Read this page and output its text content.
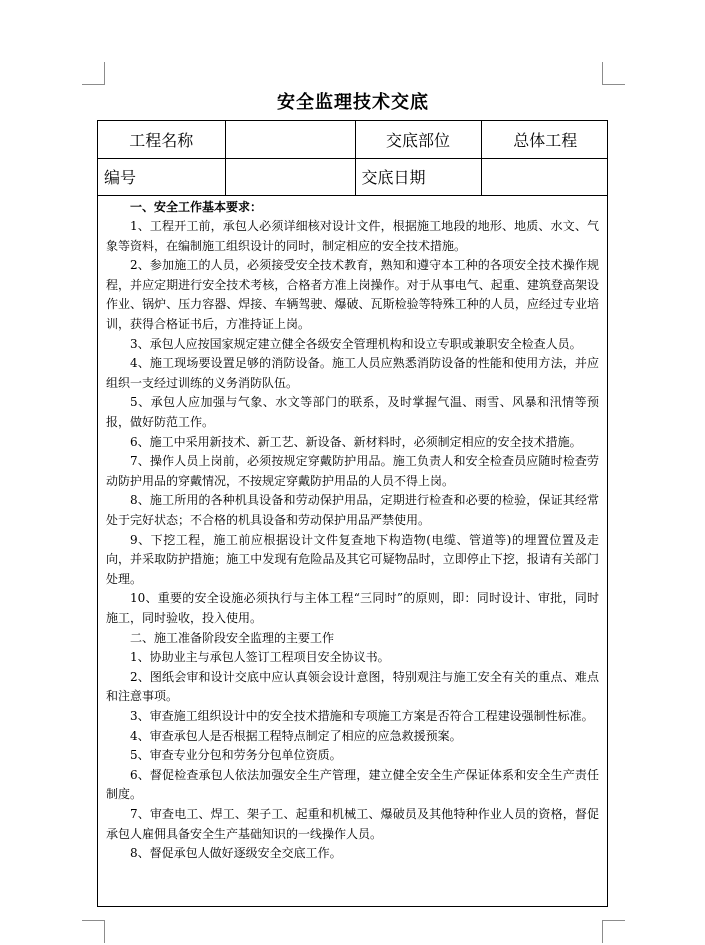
安全监理技术交底
工程名称		交底部位	总体工程
编号		交底日期	

一、安全工作基本要求：

1、工程开工前，承包人必须详细核对设计文件，根据施工地段的地形、地质、水文、气象等资料，在编制施工组织设计的同时，制定相应的安全技术措施。

2、参加施工的人员，必须接受安全技术教育，熟知和遵守本工种的各项安全技术操作规程，并应定期进行安全技术考核，合格者方准上岗操作。对于从事电气、起重、建筑登高架设作业、锅炉、压力容器、焊接、车辆驾驶、爆破、瓦斯检验等特殊工种的人员，应经过专业培训，获得合格证书后，方准持证上岗。

3、承包人应按国家规定建立健全各级安全管理机构和设立专职或兼职安全检查人员。

4、施工现场要设置足够的消防设备。施工人员应熟悉消防设备的性能和使用方法，并应组织一支经过训练的义务消防队伍。

5、承包人应加强与气象、水文等部门的联系，及时掌握气温、雨雪、风暴和汛情等预报，做好防范工作。

6、施工中采用新技术、新工艺、新设备、新材料时，必须制定相应的安全技术措施。

7、操作人员上岗前，必须按规定穿戴防护用品。施工负责人和安全检查员应随时检查劳动防护用品的穿戴情况，不按规定穿戴防护用品的人员不得上岗。

8、施工所用的各种机具设备和劳动保护用品，定期进行检查和必要的检验，保证其经常处于完好状态；不合格的机具设备和劳动保护用品严禁使用。

9、下挖工程，施工前应根据设计文件复查地下构造物(电缆、管道等)的埋置位置及走向，并采取防护措施；施工中发现有危险品及其它可疑物品时，立即停止下挖，报请有关部门处理。

10、重要的安全设施必须执行与主体工程“三同时”的原则，即：同时设计、审批，同时施工，同时验收，投入使用。

二、施工准备阶段安全监理的主要工作

1、协助业主与承包人签订工程项目安全协议书。

2、图纸会审和设计交底中应认真领会设计意图，特别观注与施工安全有关的重点、难点和注意事项。

3、审查施工组织设计中的安全技术措施和专项施工方案是否符合工程建设强制性标准。

4、审查承包人是否根据工程特点制定了相应的应急救援预案。

5、审查专业分包和劳务分包单位资质。

6、督促检查承包人依法加强安全生产管理，建立健全安全生产保证体系和安全生产责任制度。

7、审查电工、焊工、架子工、起重和机械工、爆破员及其他特种作业人员的资格，督促承包人雇佣具备安全生产基础知识的一线操作人员。

8、督促承包人做好逐级安全交底工作。
